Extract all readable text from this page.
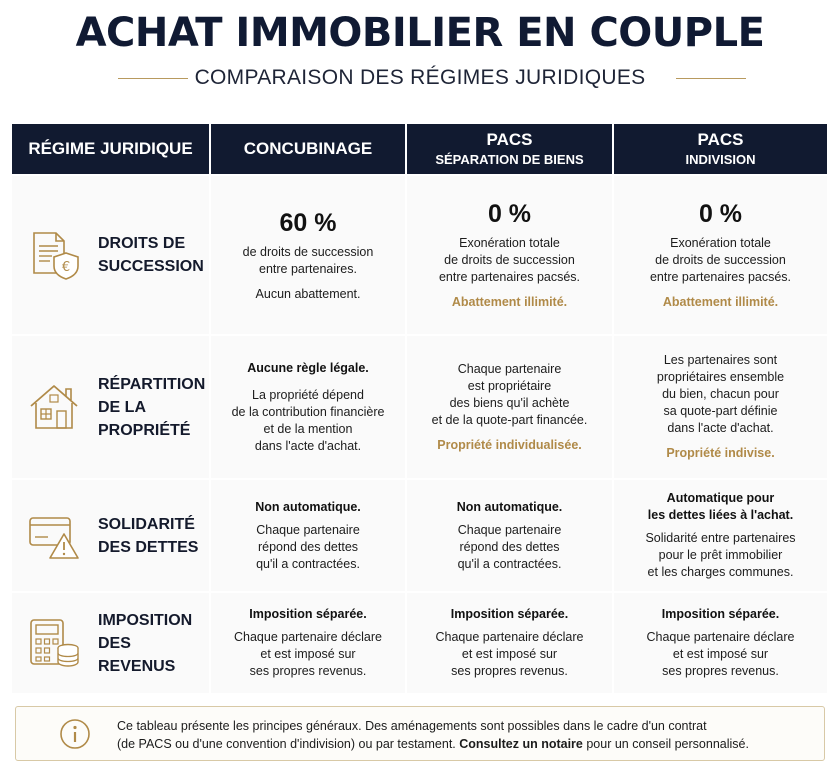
ACHAT IMMOBILIER EN COUPLE
COMPARAISON DES RÉGIMES JURIDIQUES
RÉGIME JURIDIQUE	CONCUBINAGE	PACS
SÉPARATION DE BIENS
PACS
INDIVISION
€
DROITS DE
SUCCESSION
60 %
de droits de succession
entre partenaires.
Aucun abattement.
0 %
Exonération totale
de droits de succession
entre partenaires pacsés.
Abattement illimité.
0 %
Exonération totale
de droits de succession
entre partenaires pacsés.
Abattement illimité.
RÉPARTITION
DE LA
PROPRIÉTÉ
Aucune règle légale.
La propriété dépend
de la contribution financière
et de la mention
dans l'acte d'achat.
Chaque partenaire
est propriétaire
des biens qu'il achète
et de la quote-part financée.
Propriété individualisée.
Les partenaires sont
propriétaires ensemble
du bien, chacun pour
sa quote-part définie
dans l'acte d'achat.
Propriété indivise.
SOLIDARITÉ
DES DETTES
Non automatique.
Chaque partenaire
répond des dettes
qu'il a contractées.
Non automatique.
Chaque partenaire
répond des dettes
qu'il a contractées.
Automatique pour
les dettes liées à l'achat.
Solidarité entre partenaires
pour le prêt immobilier
et les charges communes.
IMPOSITION
DES REVENUS
Imposition séparée.
Chaque partenaire déclare
et est imposé sur
ses propres revenus.
Imposition séparée.
Chaque partenaire déclare
et est imposé sur
ses propres revenus.
Imposition séparée.
Chaque partenaire déclare
et est imposé sur
ses propres revenus.
Ce tableau présente les principes généraux. Des aménagements sont possibles dans le cadre d'un contrat
(de PACS ou d'une convention d'indivision) ou par testament. Consultez un notaire pour un conseil personnalisé.
